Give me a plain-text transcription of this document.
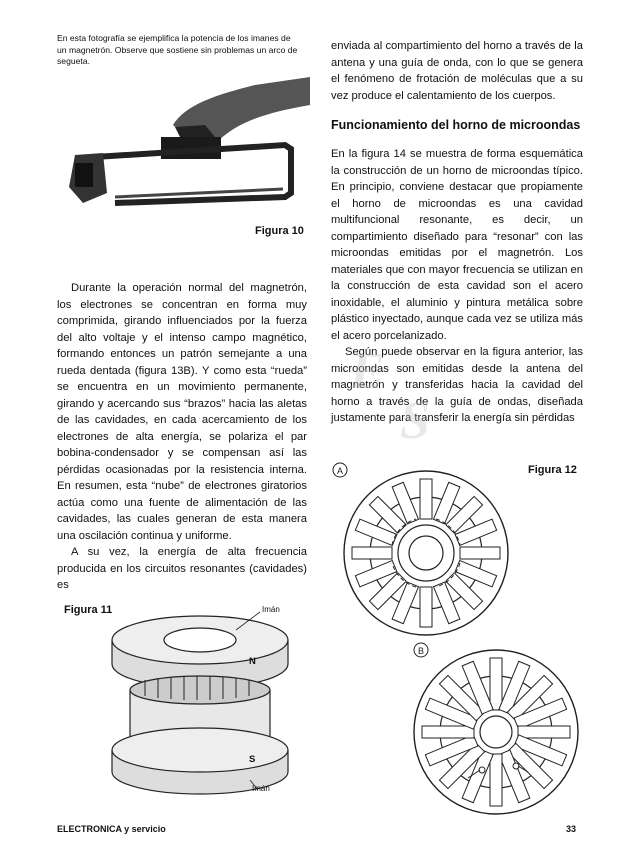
En esta fotografía se ejemplifica la potencia de los imanes de un magnetrón. Observe que sostiene sin problemas un arco de segueta.
Figura 10

Durante la operación normal del magnetrón, los electrones se concentran en forma muy comprimida, girando influenciados por la fuerza del alto voltaje y el intenso campo magnético, formando entonces un patrón semejante a una rueda dentada (figura 13B). Y como esta “rueda” se encuentra en un movimiento permanente, girando y acercando sus “brazos” hacia las aletas de las cavidades, en cada acercamiento de los electrones de alta energía, se polariza el par bobina-condensador y se compensan así las pérdidas ocasionadas por la resistencia interna. En resumen, esta “nube” de electrones giratorios actúa como una fuente de alimentación de las cavidades, las cuales generan de esta manera una oscilación continua y uniforme.

A su vez, la energía de alta frecuencia producida en los circuitos resonantes (cavidades) es

enviada al compartimiento del horno a través de la antena y una guía de onda, con lo que se genera el fenómeno de frotación de moléculas que a su vez produce el calentamiento de los cuerpos.

Funcionamiento del horno de microondas

En la figura 14 se muestra de forma esquemática la construcción de un horno de microondas típico. En principio, conviene destacar que propiamente el horno de microondas es una cavidad multifuncional resonante, es decir, un compartimiento diseñado para “resonar” con las microondas emitidas por el magnetrón. Los materiales que con mayor frecuencia se utilizan en la construcción de esta cavidad son el acero inoxidable, el aluminio y pintura metálica sobre plástico inyectado, aunque cada vez se utiliza más el acero porcelanizado.

Según puede observar en la figura anterior, las microondas son emitidas desde la antena del magnetrón y transferidas hacia la cavidad del horno a través de la guía de ondas, diseñada justamente para transferir la energía sin pérdidas

E
S
Figura 12
A
B
Figura 11	Imán
N
S
Imán
ELECTRONICA y servicio	33
